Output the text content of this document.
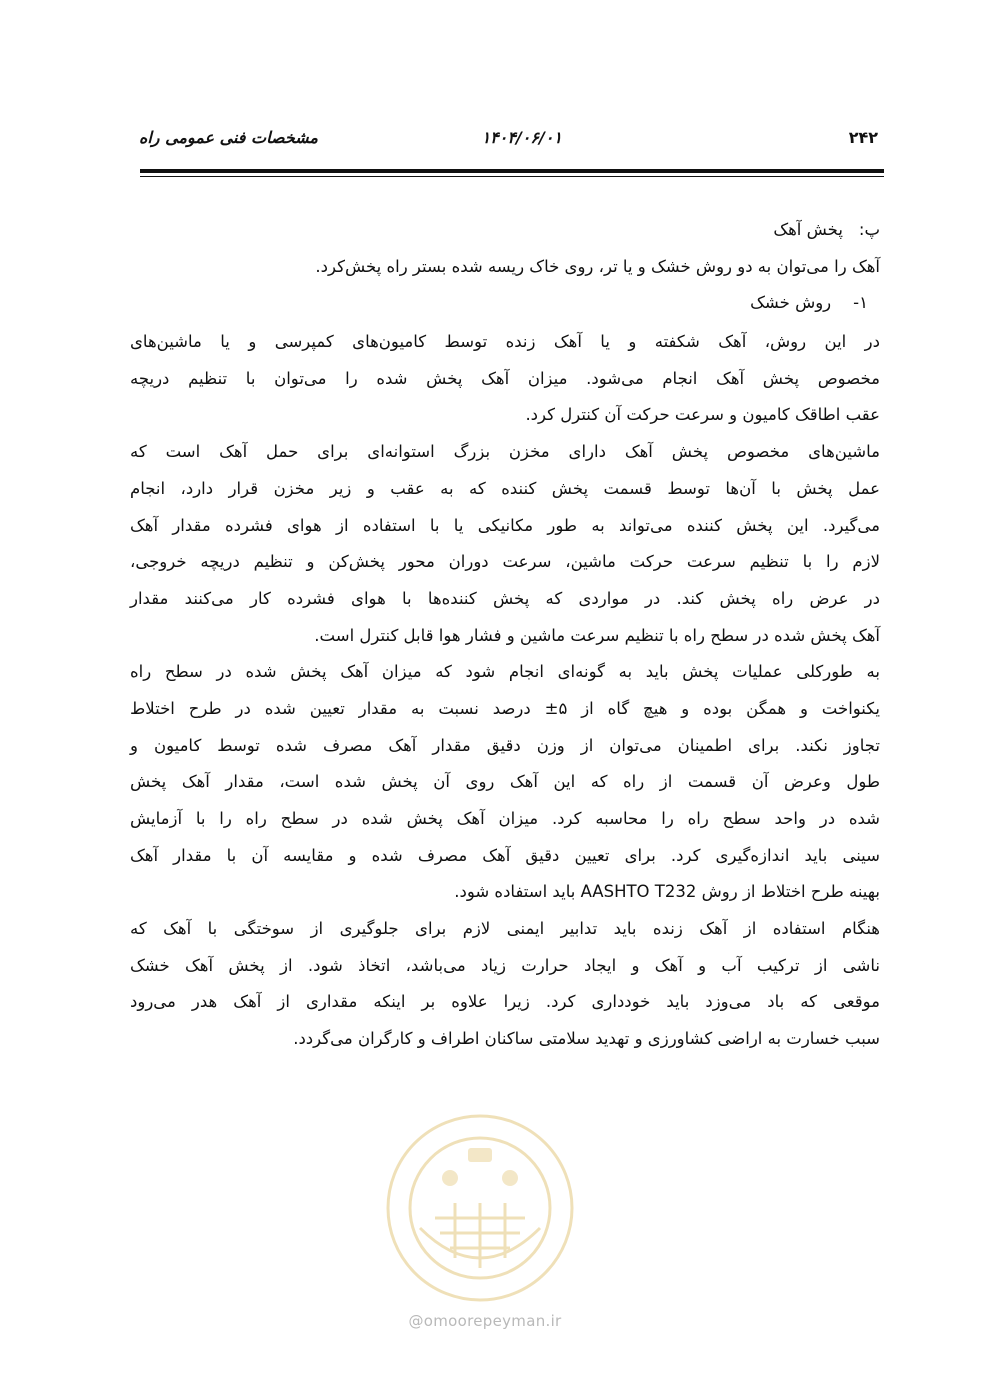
۲۴۲
۱۴۰۴/۰۶/۰۱
مشخصات فنی عمومی راه
پ:
پخش آهک
آهک را می‌توان به دو روش خشک و یا تر، روی خاک ریسه شده بستر راه پخش‌کرد.
۱-
روش خشک
در این روش، آهک شکفته و یا آهک زنده توسط کامیون‌های کمپرسی و یا ماشین‌های
مخصوص پخش آهک انجام می‌شود. میزان آهک پخش شده را می‌توان با تنظیم دریچه
عقب اطاقک کامیون و سرعت حرکت آن کنترل کرد.
ماشین‌های مخصوص پخش آهک دارای مخزن بزرگ استوانه‌ای برای حمل آهک است که
عمل پخش با آن‌ها توسط قسمت پخش کننده که به عقب و زیر مخزن قرار دارد، انجام
می‌گیرد. این پخش کننده می‌تواند به طور مکانیکی یا با استفاده از هوای فشرده مقدار آهک
لازم را با تنظیم سرعت حرکت ماشین، سرعت دوران محور پخش‌کن و تنظیم دریچه خروجی،
در عرض راه پخش کند. در مواردی که پخش کننده‌ها با هوای فشرده کار می‌کنند مقدار
آهک پخش شده در سطح راه با تنظیم سرعت ماشین و فشار هوا قابل کنترل است.
به طورکلی عملیات پخش باید به گونه‌ای انجام شود که میزان آهک پخش شده در سطح راه
یکنواخت و همگن بوده و هیچ گاه از ۵± درصد نسبت به مقدار تعیین شده در طرح اختلاط
تجاوز نکند. برای اطمینان می‌توان از وزن دقیق مقدار آهک مصرف شده توسط کامیون و
طول وعرض آن قسمت از راه که این آهک روی آن پخش شده است، مقدار آهک پخش
شده در واحد سطح راه را محاسبه کرد. میزان آهک پخش شده در سطح راه را با آزمایش
سینی باید اندازه‌گیری کرد. برای تعیین دقیق آهک مصرف شده و مقایسه آن با مقدار آهک
بهینه طرح اختلاط از روش AASHTO T232 باید استفاده شود.
هنگام استفاده از آهک زنده باید تدابیر ایمنی لازم برای جلوگیری از سوختگی با آهک که
ناشی از ترکیب آب و آهک و ایجاد حرارت زیاد می‌باشد، اتخاذ شود. از پخش آهک خشک
موقعی که باد می‌وزد باید خودداری کرد. زیرا علاوه بر اینکه مقداری از آهک هدر می‌رود
سبب خسارت به اراضی کشاورزی و تهدید سلامتی ساکنان اطراف و کارگران می‌گردد.
@omoorepeyman.ir
